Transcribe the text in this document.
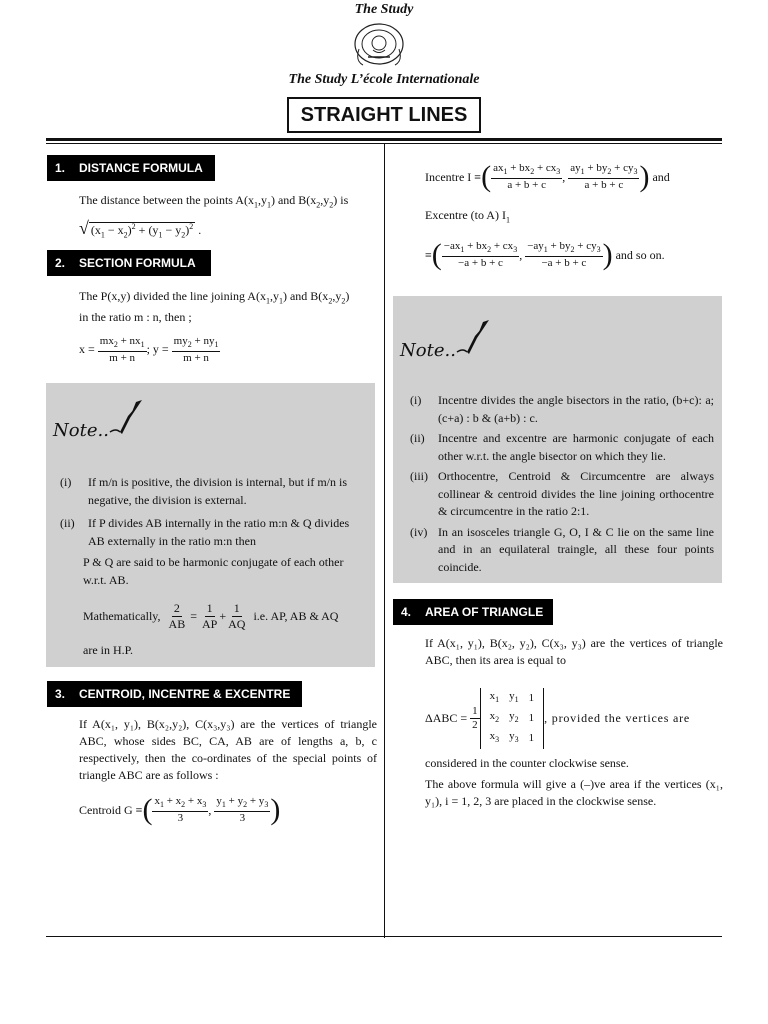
The Study
The Study L’école Internationale
STRAIGHT LINES
1. DISTANCE FORMULA
The distance between the points $A(x_1,y_1)$ and $B(x_2,y_2)$ is
√ $(x_1 - x_2)^2 + (y_1 - y_2)^2$ .
2. SECTION FORMULA
The P(x,y) divided the line joining $A(x_1,y_1)$ and $B(x_2,y_2)$
in the ratio m : n, then ;
$x = \frac{mx_2 + nx_1}{m + n}$ ; $y = \frac{my_2 + ny_1}{m + n}$
Note..
(i)	If m/n is positive, the division is internal, but if m/n is negative, the division is external.
(ii)	If P divides AB internally in the ratio m:n & Q divides AB externally in the ratio m:n then
P & Q are said to be harmonic conjugate of each other w.r.t. AB.
Mathematically,
$\frac{2}{AB} = \frac{1}{AP} + \frac{1}{AQ}$
i.e. AP, AB & AQ
are in H.P.
3. CENTROID, INCENTRE & EXCENTRE
If A(x₁, y₁), B(x₂,y₂), C(x₃,y₃) are the vertices of triangle ABC, whose sides BC, CA, AB are of lengths a, b, c respectively, then the co-ordinates of the special points of triangle ABC are as follows :
Centroid G ≡ ( $\frac{x_1 + x_2 + x_3}{3}$ , $\frac{y_1 + y_2 + y_3}{3}$ )
Incentre I ≡ ( $\frac{ax_1 + bx_2 + cx_3}{a + b + c}$ , $\frac{ay_1 + by_2 + cy_3}{a + b + c}$ )
and
Excentre (to A) $I_1$
≡ ( $\frac{-ax_1 + bx_2 + cx_3}{-a + b + c}$ , $\frac{-ay_1 + by_2 + cy_3}{-a + b + c}$ )
and so on.
Note..
(i)	Incentre divides the angle bisectors in the ratio, (b+c): a; (c+a) : b & (a+b) : c.
(ii)	Incentre and excentre are harmonic conjugate of each other w.r.t. the angle bisector on which they lie.
(iii) Orthocentre, Centroid & Circumcentre are always collinear & centroid divides the line joining orthocentre & circumcentre in the ratio 2:1.
(iv) In an isosceles triangle G, O, I & C lie on the same line and in an equilateral traingle, all these four points coincide.
4. AREA OF TRIANGLE
If A(x₁, y₁), B(x₂, y₂), C(x₃, y₃) are the vertices of triangle ABC, then its area is equal to
ΔABC =
$\frac{1}{2}$
$x_1$	$y_1$	1
$x_2$	$y_2$	1
$x_3$	$y_3$	1
, provided the vertices are
considered in the counter clockwise sense.
The above formula will give a (–)ve area if the vertices (x₁, y₁), i = 1, 2, 3 are placed in the clockwise sense.
